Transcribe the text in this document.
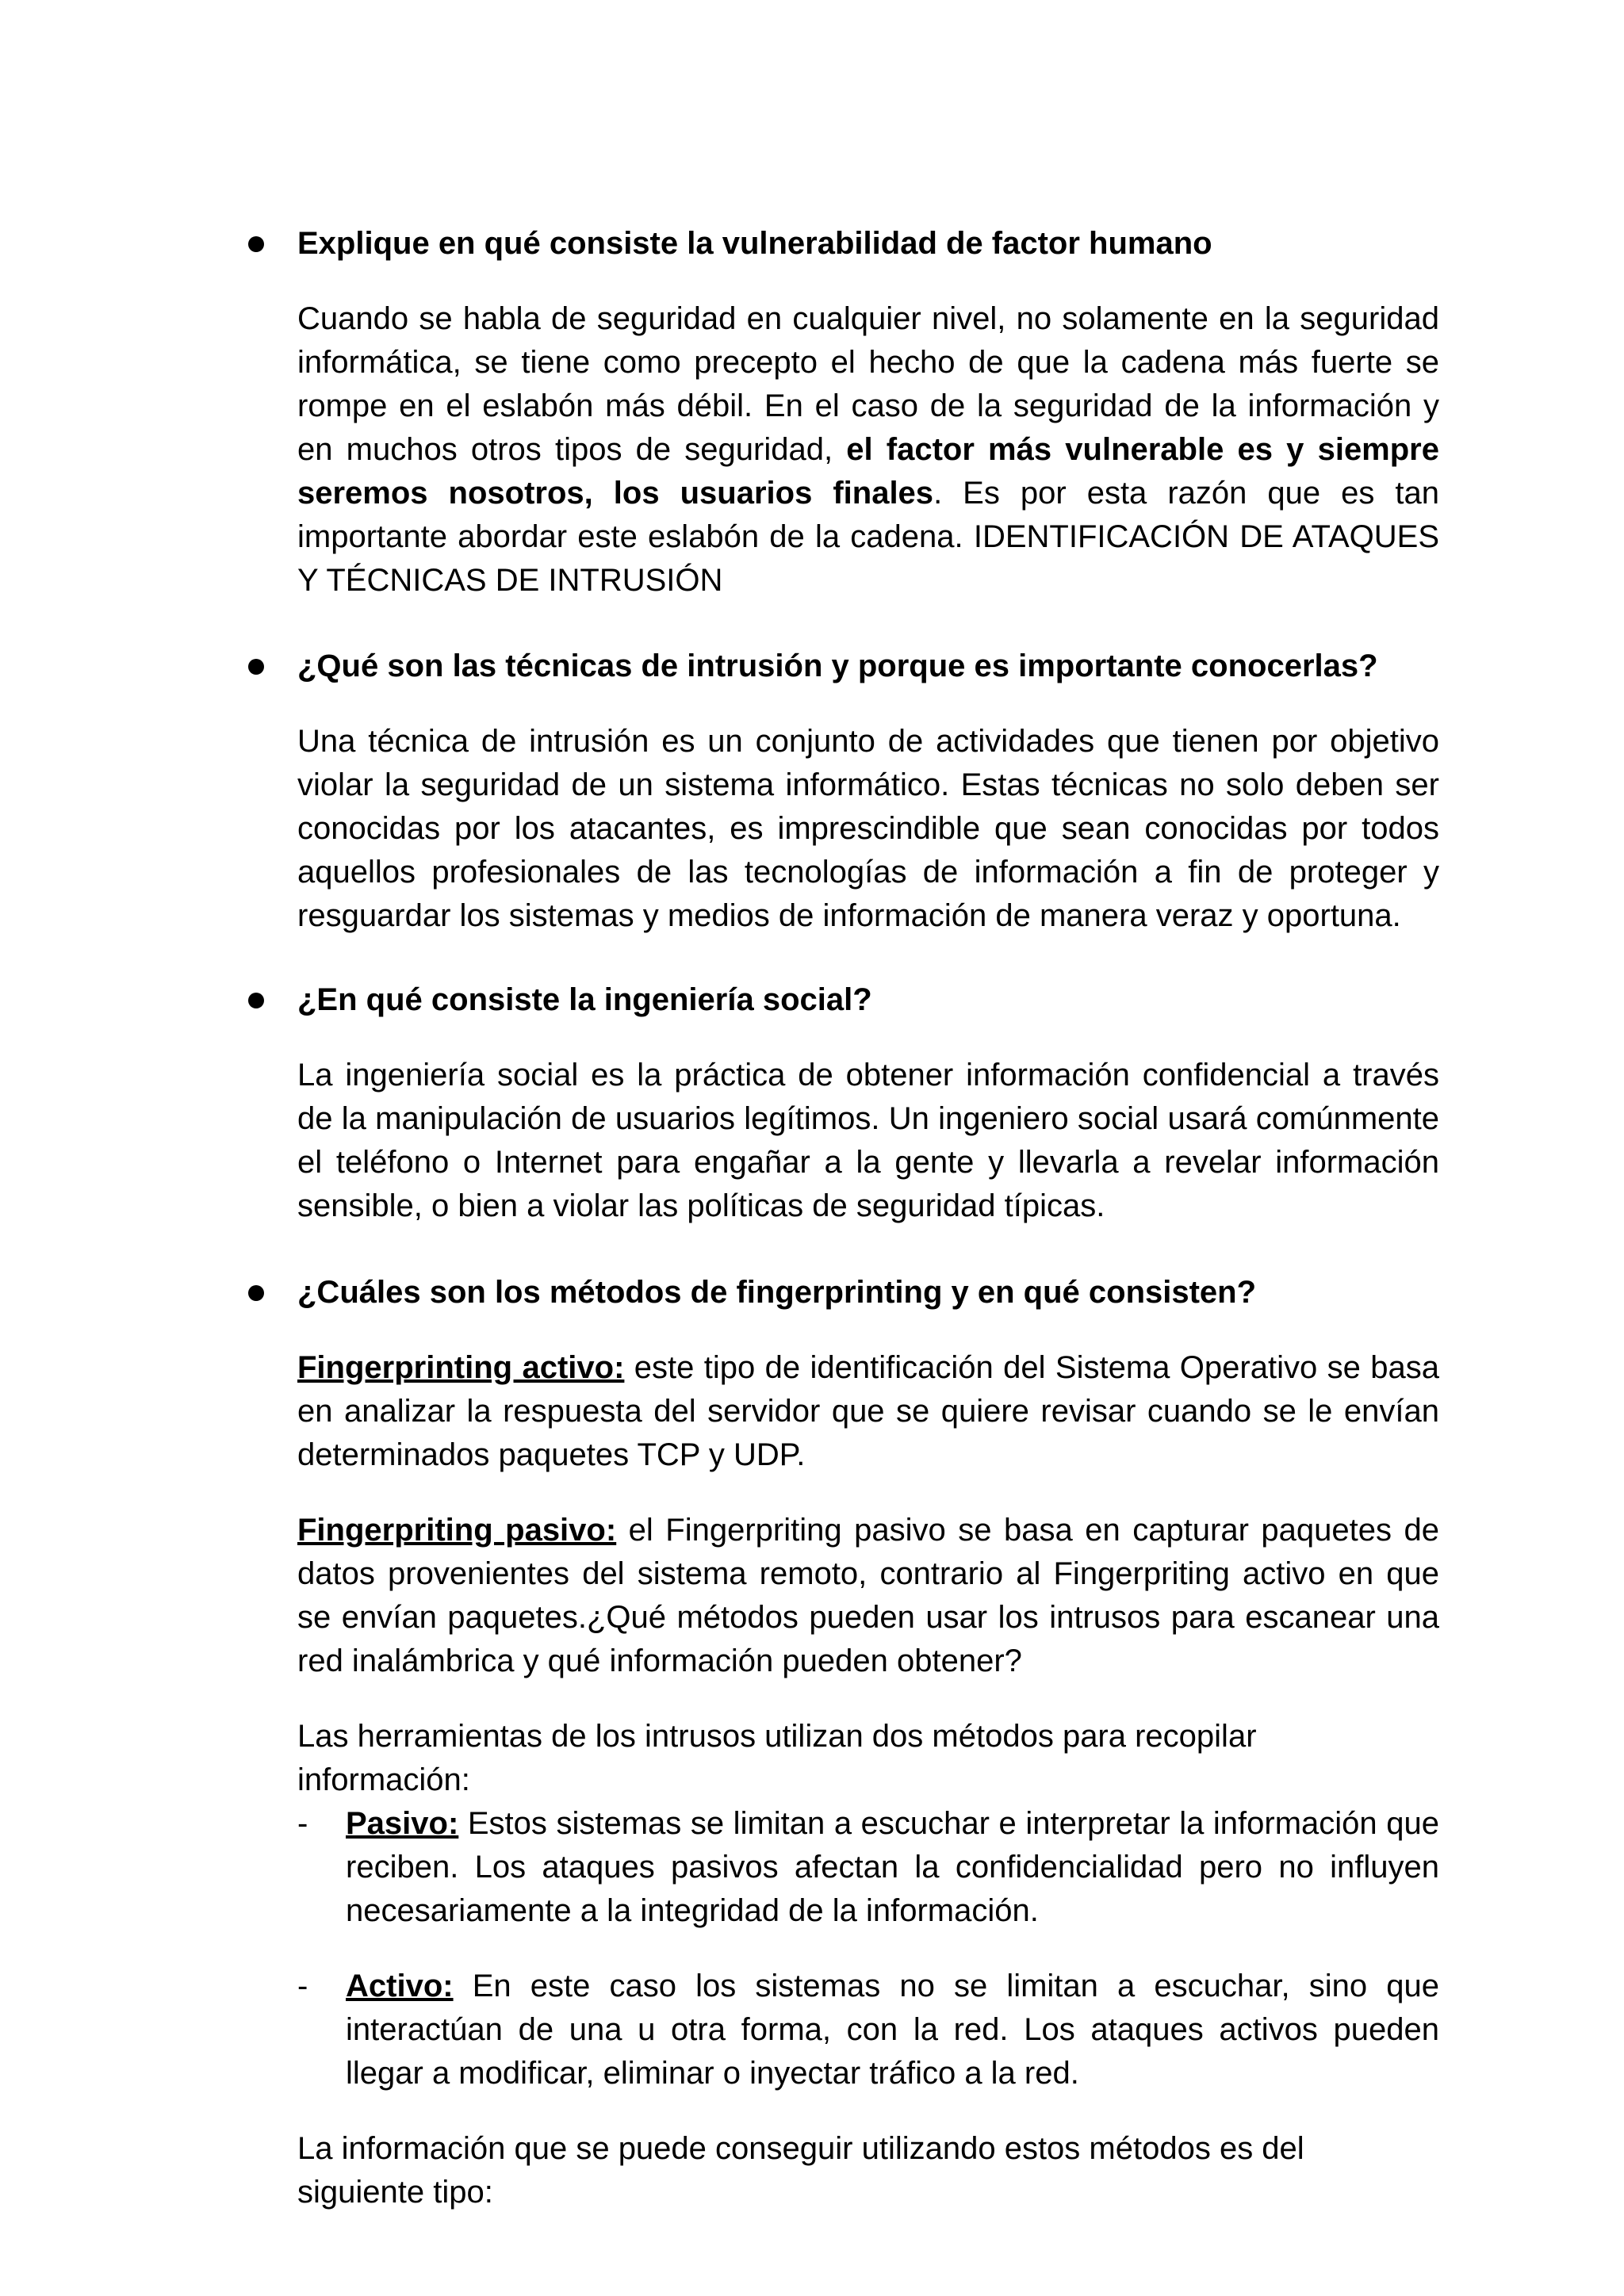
Explique en qué consiste la vulnerabilidad de factor humano
Cuando se habla de seguridad en cualquier nivel, no solamente en la seguridad informática, se tiene como precepto el hecho de que la cadena más fuerte se rompe en el eslabón más débil. En el caso de la seguridad de la información y en muchos otros tipos de seguridad, el factor más vulnerable es y siempre seremos nosotros, los usuarios finales. Es por esta razón que es tan importante abordar este eslabón de la cadena. IDENTIFICACIÓN DE ATAQUES Y TÉCNICAS DE INTRUSIÓN
¿Qué son las técnicas de intrusión y porque es importante conocerlas?
Una técnica de intrusión es un conjunto de actividades que tienen por objetivo violar la seguridad de un sistema informático. Estas técnicas no solo deben ser conocidas por los atacantes, es imprescindible que sean conocidas por todos aquellos profesionales de las tecnologías de información a fin de proteger y resguardar los sistemas y medios de información de manera veraz y oportuna.
¿En qué consiste la ingeniería social?
La ingeniería social es la práctica de obtener información confidencial a través de la manipulación de usuarios legítimos. Un ingeniero social usará comúnmente el teléfono o Internet para engañar a la gente y llevarla a revelar información sensible, o bien a violar las políticas de seguridad típicas.
¿Cuáles son los métodos de fingerprinting y en qué consisten?
Fingerprinting activo: este tipo de identificación del Sistema Operativo se basa en analizar la respuesta del servidor que se quiere revisar cuando se le envían determinados paquetes TCP y UDP.
Fingerpriting pasivo: el Fingerpriting pasivo se basa en capturar paquetes de datos provenientes del sistema remoto, contrario al Fingerpriting activo en que se envían paquetes.¿Qué métodos pueden usar los intrusos para escanear una red inalámbrica y qué información pueden obtener?
Las herramientas de los intrusos utilizan dos métodos para recopilar información:
- Pasivo: Estos sistemas se limitan a escuchar e interpretar la información que reciben. Los ataques pasivos afectan la confidencialidad pero no influyen necesariamente a la integridad de la información.
- Activo: En este caso los sistemas no se limitan a escuchar, sino que interactúan de una u otra forma, con la red. Los ataques activos pueden llegar a modificar, eliminar o inyectar tráfico a la red.
La información que se puede conseguir utilizando estos métodos es del siguiente tipo:
